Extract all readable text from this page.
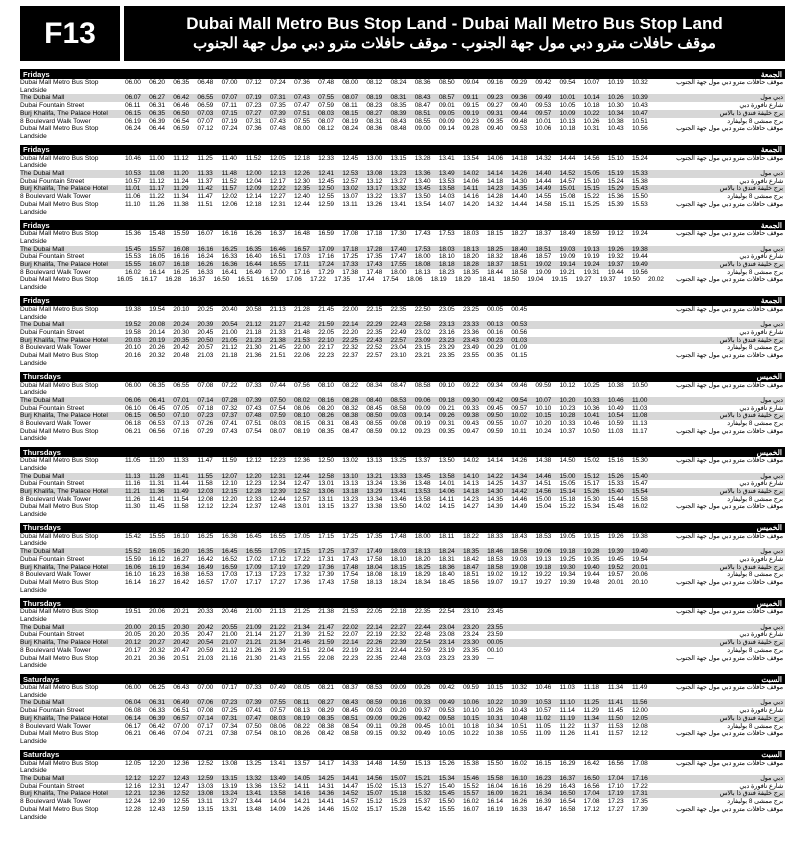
F13	Dubai Mall Metro Bus Stop Land - Dubai Mall Metro Bus Stop Land
موقف حافلات مترو دبي مول جهة الجنوب - موقف حافلات مترو دبي مول جهة الجنوب
Fridays	الجمعة
Dubai Mall Metro Bus Stop Landside
06.00	06.20	06.35	06.48	07.00	07.12	07.24	07.36	07.48	08.00	08.12	08.24	08.36	08.50	09.04	09.16	09.29	09.42	09.54	10.07	10.19	10.32	موقف حافلات مترو دبي مول جهة الجنوب
The Dubai Mall	06.07	06.27	06.42	06.55	07.07	07.19	07.31	07.43	07.55	08.07	08.19	08.31	08.43	08.57	09.11	09.23	09.36	09.49	10.01	10.14	10.26	10.39	دبي مول
Dubai Fountain Street	06.11	06.31	06.46	06.59	07.11	07.23	07.35	07.47	07.59	08.11	08.23	08.35	08.47	09.01	09.15	09.27	09.40	09.53	10.05	10.18	10.30	10.43	شارع نافورة دبي
Burj Khalifa, The Palace Hotel	06.15	06.35	06.50	07.03	07.15	07.27	07.39	07.51	08.03	08.15	08.27	08.39	08.51	09.05	09.19	09.31	09.44	09.57	10.09	10.22	10.34	10.47	برج خليفة فندق ذا بالاس
8 Boulevard Walk Tower	06.19	06.39	06.54	07.07	07.19	07.31	07.43	07.55	08.07	08.19	08.31	08.43	08.55	09.09	09.23	09.35	09.48	10.01	10.13	10.26	10.38	10.51	برج ممشى 8 بوليفارد
Dubai Mall Metro Bus Stop Landside
06.24	06.44	06.59	07.12	07.24	07.36	07.48	08.00	08.12	08.24	08.36	08.48	09.00	09.14	09.28	09.40	09.53	10.06	10.18	10.31	10.43	10.56	موقف حافلات مترو دبي مول جهة الجنوب
Fridays	الجمعة
Dubai Mall Metro Bus Stop Landside
10.46	11.00	11.12	11.25	11.40	11.52	12.05	12.18	12.33	12.45	13.00	13.15	13.28	13.41	13.54	14.06	14.18	14.32	14.44	14.56	15.10	15.24	موقف حافلات مترو دبي مول جهة الجنوب
The Dubai Mall	10.53	11.08	11.20	11.33	11.48	12.00	12.13	12.26	12.41	12.53	13.08	13.23	13.36	13.49	14.02	14.14	14.26	14.40	14.52	15.05	15.19	15.33	دبي مول
Dubai Fountain Street	10.57	11.12	11.24	11.37	11.52	12.04	12.17	12.30	12.45	12.57	13.12	13.27	13.40	13.53	14.06	14.18	14.30	14.44	14.57	15.10	15.24	15.38	شارع نافورة دبي
Burj Khalifa, The Palace Hotel	11.01	11.17	11.29	11.42	11.57	12.09	12.22	12.35	12.50	13.02	13.17	13.32	13.45	13.58	14.11	14.23	14.35	14.49	15.01	15.15	15.29	15.43	برج خليفة فندق ذا بالاس
8 Boulevard Walk Tower	11.06	11.22	11.34	11.47	12.02	12.14	12.27	12.40	12.55	13.07	13.22	13.37	13.50	14.03	14.16	14.28	14.40	14.55	15.08	15.22	15.36	15.50	برج ممشى 8 بوليفارد
Dubai Mall Metro Bus Stop Landside
11.10	11.26	11.38	11.51	12.06	12.18	12.31	12.44	12.59	13.11	13.26	13.41	13.54	14.07	14.20	14.32	14.44	14.58	15.11	15.25	15.39	15.53	موقف حافلات مترو دبي مول جهة الجنوب
Fridays	الجمعة
Dubai Mall Metro Bus Stop Landside
15.36	15.48	15.59	16.07	16.16	16.26	16.37	16.48	16.59	17.08	17.18	17.30	17.43	17.53	18.03	18.15	18.27	18.37	18.49	18.59	19.12	19.24	موقف حافلات مترو دبي مول جهة الجنوب
The Dubai Mall	15.45	15.57	16.08	16.16	16.25	16.35	16.46	16.57	17.09	17.18	17.28	17.40	17.53	18.03	18.13	18.25	18.40	18.51	19.03	19.13	19.26	19.38	دبي مول
Dubai Fountain Street	15.53	16.05	16.16	16.24	16.33	16.40	16.51	17.03	17.16	17.25	17.35	17.47	18.00	18.10	18.20	18.32	18.46	18.57	19.09	19.19	19.32	19.44	شارع نافورة دبي
Burj Khalifa, The Palace Hotel	15.55	16.07	16.18	16.26	16.36	16.44	16.55	17.11	17.24	17.33	17.43	17.55	18.08	18.18	18.28	18.37	18.51	19.02	19.14	19.24	19.37	19.49	برج خليفة فندق ذا بالاس
8 Boulevard Walk Tower	16.02	16.14	16.25	16.33	16.41	16.49	17.00	17.16	17.29	17.38	17.48	18.00	18.13	18.23	18.35	18.44	18.58	19.09	19.21	19.31	19.44	19.56	برج ممشى 8 بوليفارد
Dubai Mall Metro Bus Stop Landside
16.05	16.17	16.28	16.37	16.50	16.51	16.59	17.06	17.22	17.35	17.44	17.54	18.06	18.19	18.29	18.41	18.50	19.04	19.15	19.27	19.37	19.50	20.02	موقف حافلات مترو دبي مول جهة الجنوب
Fridays	الجمعة
Dubai Mall Metro Bus Stop Landside
19.38	19.54	20.10	20.25	20.40	20.58	21.13	21.28	21.45	22.00	22.15	22.35	22.50	23.05	23.25	00.05	00.45	موقف حافلات مترو دبي مول جهة الجنوب
The Dubai Mall	19.52	20.08	20.24	20.39	20.54	21.12	21.27	21.42	21.59	22.14	22.29	22.43	22.58	23.13	23.33	00.13	00.53	دبي مول
Dubai Fountain Street	19.58	20.14	20.30	20.45	21.00	21.18	21.33	21.48	22.05	22.20	22.35	22.49	23.02	23.16	23.36	00.16	00.56	شارع نافورة دبي
Burj Khalifa, The Palace Hotel	20.03	20.19	20.35	20.50	21.05	21.23	21.38	21.53	22.10	22.25	22.43	22.57	23.09	23.23	23.43	00.23	01.03	برج خليفة فندق ذا بالاس
8 Boulevard Walk Tower	20.10	20.26	20.42	20.57	21.12	21.30	21.45	22.00	22.17	22.32	22.52	23.04	23.15	23.29	23.49	00.29	01.09	برج ممشى 8 بوليفارد
Dubai Mall Metro Bus Stop Landside
20.16	20.32	20.48	21.03	21.18	21.36	21.51	22.06	22.23	22.37	22.57	23.10	23.21	23.35	23.55	00.35	01.15	موقف حافلات مترو دبي مول جهة الجنوب
Thursdays	الخميس
Dubai Mall Metro Bus Stop Landside
06.00	06.35	06.55	07.08	07.22	07.33	07.44	07.56	08.10	08.22	08.34	08.47	08.58	09.10	09.22	09.34	09.46	09.59	10.12	10.25	10.38	10.50	موقف حافلات مترو دبي مول جهة الجنوب
The Dubai Mall	06.06	06.41	07.01	07.14	07.28	07.39	07.50	08.02	08.16	08.28	08.40	08.53	09.06	09.18	09.30	09.42	09.54	10.07	10.20	10.33	10.46	11.00	دبي مول
Dubai Fountain Street	06.10	06.45	07.05	07.18	07.32	07.43	07.54	08.06	08.20	08.32	08.45	08.58	09.09	09.21	09.33	09.45	09.57	10.10	10.23	10.36	10.49	11.03	شارع نافورة دبي
Burj Khalifa, The Palace Hotel	06.15	06.50	07.10	07.23	07.37	07.48	07.59	08.10	08.26	08.38	08.50	09.03	09.14	09.26	09.38	09.50	10.02	10.15	10.28	10.41	10.54	11.08	برج خليفة فندق ذا بالاس
8 Boulevard Walk Tower	06.18	06.53	07.13	07.26	07.41	07.51	08.03	08.15	08.31	08.43	08.55	09.08	09.19	09.31	09.43	09.55	10.07	10.20	10.33	10.46	10.59	11.13	برج ممشى 8 بوليفارد
Dubai Mall Metro Bus Stop Landside
06.21	06.56	07.16	07.29	07.43	07.54	08.07	08.19	08.35	08.47	08.59	09.12	09.23	09.35	09.47	09.59	10.11	10.24	10.37	10.50	11.03	11.17	موقف حافلات مترو دبي مول جهة الجنوب
Thursdays	الخميس
Dubai Mall Metro Bus Stop Landside
11.05	11.20	11.33	11.47	11.59	12.12	12.23	12.36	12.50	13.02	13.13	13.25	13.37	13.50	14.02	14.14	14.26	14.38	14.50	15.02	15.16	15.30	موقف حافلات مترو دبي مول جهة الجنوب
The Dubai Mall	11.13	11.28	11.41	11.55	12.07	12.20	12.31	12.44	12.58	13.10	13.21	13.33	13.45	13.58	14.10	14.22	14.34	14.46	15.00	15.12	15.26	15.40	دبي مول
Dubai Fountain Street	11.16	11.31	11.44	11.58	12.10	12.23	12.34	12.47	13.01	13.13	13.24	13.36	13.48	14.01	14.13	14.25	14.37	14.51	15.05	15.17	15.33	15.47	شارع نافورة دبي
Burj Khalifa, The Palace Hotel	11.21	11.36	11.49	12.03	12.15	12.28	12.39	12.52	13.06	13.18	13.29	13.41	13.53	14.06	14.18	14.30	14.42	14.56	15.14	15.26	15.40	15.54	برج خليفة فندق ذا بالاس
8 Boulevard Walk Tower	11.26	11.41	11.54	12.08	12.20	12.33	12.44	12.57	13.11	13.23	13.34	13.46	13.58	14.11	14.23	14.35	14.46	15.00	15.18	15.30	15.44	15.58	برج ممشى 8 بوليفارد
Dubai Mall Metro Bus Stop Landside
11.30	11.45	11.58	12.12	12.24	12.37	12.48	13.01	13.15	13.27	13.38	13.50	14.02	14.15	14.27	14.39	14.49	15.04	15.22	15.34	15.48	16.02	موقف حافلات مترو دبي مول جهة الجنوب
Thursdays	الخميس
Dubai Mall Metro Bus Stop Landside
15.42	15.55	16.10	16.25	16.36	16.45	16.55	17.05	17.15	17.25	17.35	17.48	18.00	18.11	18.22	18.33	18.43	18.53	19.05	19.15	19.26	19.38	موقف حافلات مترو دبي مول جهة الجنوب
The Dubai Mall	15.52	16.05	16.20	16.35	16.45	16.55	17.05	17.15	17.25	17.37	17.49	18.03	18.13	18.24	18.35	18.46	18.56	19.06	19.18	19.28	19.39	19.49	دبي مول
Dubai Fountain Street	15.59	16.12	16.27	16.42	16.52	17.02	17.12	17.22	17.31	17.43	17.58	18.10	18.20	18.31	18.42	18.53	19.03	19.13	19.25	19.35	19.45	19.54	شارع نافورة دبي
Burj Khalifa, The Palace Hotel	16.06	16.19	16.34	16.49	16.59	17.09	17.19	17.29	17.36	17.48	18.04	18.15	18.25	18.36	18.47	18.58	19.08	19.18	19.30	19.40	19.52	20.01	برج خليفة فندق ذا بالاس
8 Boulevard Walk Tower	16.10	16.23	16.38	16.53	17.03	17.13	17.23	17.32	17.39	17.54	18.08	18.19	18.29	18.40	18.51	19.02	19.12	19.22	19.34	19.44	19.57	20.06	برج ممشى 8 بوليفارد
Dubai Mall Metro Bus Stop Landside
16.14	16.27	16.42	16.57	17.07	17.17	17.27	17.36	17.43	17.58	18.13	18.24	18.34	18.45	18.56	19.07	19.17	19.27	19.39	19.48	20.01	20.10	موقف حافلات مترو دبي مول جهة الجنوب
Thursdays	الخميس
Dubai Mall Metro Bus Stop Landside
19.51	20.06	20.21	20.33	20.46	21.00	21.13	21.25	21.38	21.53	22.05	22.18	22.35	22.54	23.10	23.45	موقف حافلات مترو دبي مول جهة الجنوب
The Dubai Mall	20.00	20.15	20.30	20.42	20.55	21.09	21.22	21.34	21.47	22.02	22.14	22.27	22.44	23.04	23.20	23.55	دبي مول
Dubai Fountain Street	20.05	20.20	20.35	20.47	21.00	21.14	21.27	21.39	21.52	22.07	22.19	22.32	22.48	23.08	23.24	23.59	شارع نافورة دبي
Burj Khalifa, The Palace Hotel	20.12	20.27	20.42	20.54	21.07	21.21	21.34	21.46	21.59	22.14	22.26	22.39	22.54	23.14	23.30	00.05	برج خليفة فندق ذا بالاس
8 Boulevard Walk Tower	20.17	20.32	20.47	20.59	21.12	21.26	21.39	21.51	22.04	22.19	22.31	22.44	22.59	23.19	23.35	00.10	برج ممشى 8 بوليفارد
Dubai Mall Metro Bus Stop Landside
20.21	20.36	20.51	21.03	21.16	21.30	21.43	21.55	22.08	22.23	22.35	22.48	23.03	23.23	23.39	—	موقف حافلات مترو دبي مول جهة الجنوب
Saturdays	السبت
Dubai Mall Metro Bus Stop Landside
06.00	06.25	06.43	07.00	07.17	07.33	07.49	08.05	08.21	08.37	08.53	09.09	09.26	09.42	09.59	10.15	10.32	10.46	11.03	11.18	11.34	11.49	موقف حافلات مترو دبي مول جهة الجنوب
The Dubai Mall	06.04	06.31	06.49	07.06	07.23	07.39	07.55	08.11	08.27	08.43	08.59	09.16	09.33	09.49	10.06	10.22	10.39	10.53	11.10	11.25	11.41	11.56	دبي مول
Dubai Fountain Street	06.08	06.33	06.51	07.08	07.25	07.41	07.57	08.13	08.29	08.45	09.03	09.20	09.37	09.53	10.10	10.26	10.43	10.57	11.14	11.29	11.45	12.00	شارع نافورة دبي
Burj Khalifa, The Palace Hotel	06.14	06.39	06.57	07.14	07.31	07.47	08.03	08.19	08.35	08.51	09.09	09.26	09.42	09.58	10.15	10.31	10.48	11.02	11.19	11.34	11.50	12.05	برج خليفة فندق ذا بالاس
8 Boulevard Walk Tower	06.17	06.42	07.00	07.17	07.34	07.50	08.06	08.22	08.38	08.54	09.11	09.28	09.45	10.01	10.18	10.34	10.51	11.05	11.22	11.37	11.53	12.08	برج ممشى 8 بوليفارد
Dubai Mall Metro Bus Stop Landside
06.21	06.46	07.04	07.21	07.38	07.54	08.10	08.26	08.42	08.58	09.15	09.32	09.49	10.05	10.22	10.38	10.55	11.09	11.26	11.41	11.57	12.12	موقف حافلات مترو دبي مول جهة الجنوب
Saturdays	السبت
Dubai Mall Metro Bus Stop Landside
12.05	12.20	12.36	12.52	13.08	13.25	13.41	13.57	14.17	14.33	14.48	14.59	15.13	15.26	15.38	15.50	16.02	16.15	16.29	16.42	16.56	17.08	موقف حافلات مترو دبي مول جهة الجنوب
The Dubai Mall	12.12	12.27	12.43	12.59	13.15	13.32	13.49	14.05	14.25	14.41	14.56	15.07	15.21	15.34	15.46	15.58	16.10	16.23	16.37	16.50	17.04	17.16	دبي مول
Dubai Fountain Street	12.16	12.31	12.47	13.03	13.19	13.36	13.52	14.11	14.31	14.47	15.02	15.13	15.27	15.40	15.52	16.04	16.16	16.29	16.43	16.56	17.10	17.22	شارع نافورة دبي
Burj Khalifa, The Palace Hotel	12.21	12.36	12.52	13.08	13.24	13.41	13.58	14.16	14.36	14.52	15.07	15.18	15.32	15.45	15.57	16.09	16.21	16.34	16.50	17.04	17.19	17.31	برج خليفة فندق ذا بالاس
8 Boulevard Walk Tower	12.24	12.39	12.55	13.11	13.27	13.44	14.04	14.21	14.41	14.57	15.12	15.23	15.37	15.50	16.02	16.14	16.26	16.39	16.54	17.08	17.23	17.35	برج ممشى 8 بوليفارد
Dubai Mall Metro Bus Stop Landside
12.28	12.43	12.59	13.15	13.31	13.48	14.09	14.26	14.46	15.02	15.17	15.28	15.42	15.55	16.07	16.19	16.33	16.47	16.58	17.12	17.27	17.39	موقف حافلات مترو دبي مول جهة الجنوب
